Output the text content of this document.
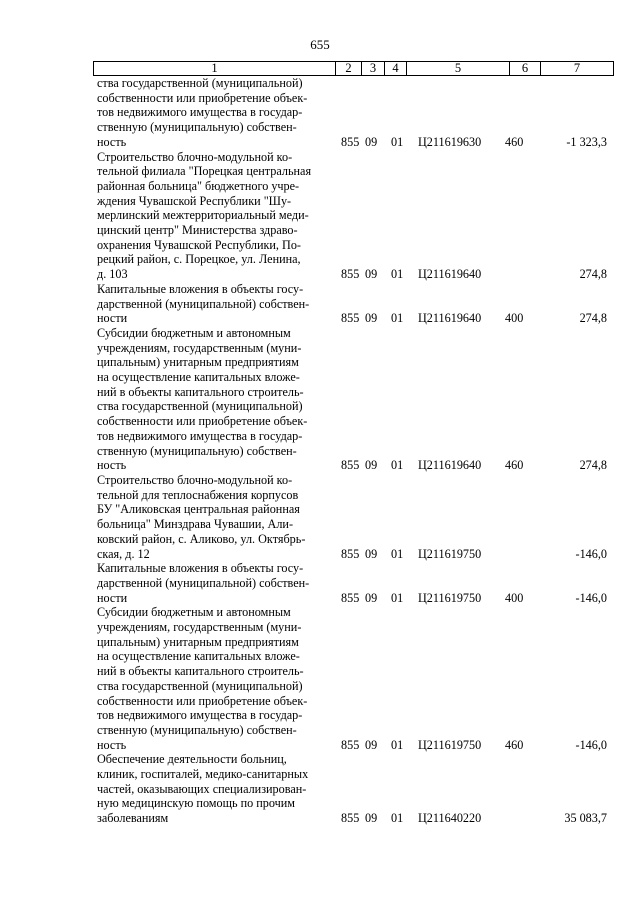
655
1	2	3	4	5	6	7
ства государственной (муниципальной)
собственности или приобретение объек-
тов недвижимого имущества в государ-
ственную (муниципальную) собствен-
ность	855 09 01 Ц211619630 460	-1 323,3
Строительство блочно-модульной ко-
тельной филиала "Порецкая центральная
районная больница" бюджетного учре-
ждения Чувашской Республики "Шу-
мерлинский межтерриториальный меди-
цинский центр" Министерства здраво-
охранения Чувашской Республики, По-
рецкий район, с. Порецкое, ул. Ленина,
д. 103	855 09 01 Ц211619640	274,8
Капитальные вложения в объекты госу-
дарственной (муниципальной) собствен-
ности	855 09 01 Ц211619640 400	274,8
Субсидии бюджетным и автономным
учреждениям, государственным (муни-
ципальным) унитарным предприятиям
на осуществление капитальных вложе-
ний в объекты капитального строитель-
ства государственной (муниципальной)
собственности или приобретение объек-
тов недвижимого имущества в государ-
ственную (муниципальную) собствен-
ность	855 09 01 Ц211619640 460	274,8
Строительство блочно-модульной ко-
тельной для теплоснабжения корпусов
БУ "Аликовская центральная районная
больница" Минздрава Чувашии, Али-
ковский район, с. Аликово, ул. Октябрь-
ская, д. 12	855 09 01 Ц211619750	-146,0
Капитальные вложения в объекты госу-
дарственной (муниципальной) собствен-
ности	855 09 01 Ц211619750 400	-146,0
Субсидии бюджетным и автономным
учреждениям, государственным (муни-
ципальным) унитарным предприятиям
на осуществление капитальных вложе-
ний в объекты капитального строитель-
ства государственной (муниципальной)
собственности или приобретение объек-
тов недвижимого имущества в государ-
ственную (муниципальную) собствен-
ность	855 09 01 Ц211619750 460	-146,0
Обеспечение деятельности больниц,
клиник, госпиталей, медико-санитарных
частей, оказывающих специализирован-
ную медицинскую помощь по прочим
заболеваниям	855 09 01 Ц211640220	35 083,7
